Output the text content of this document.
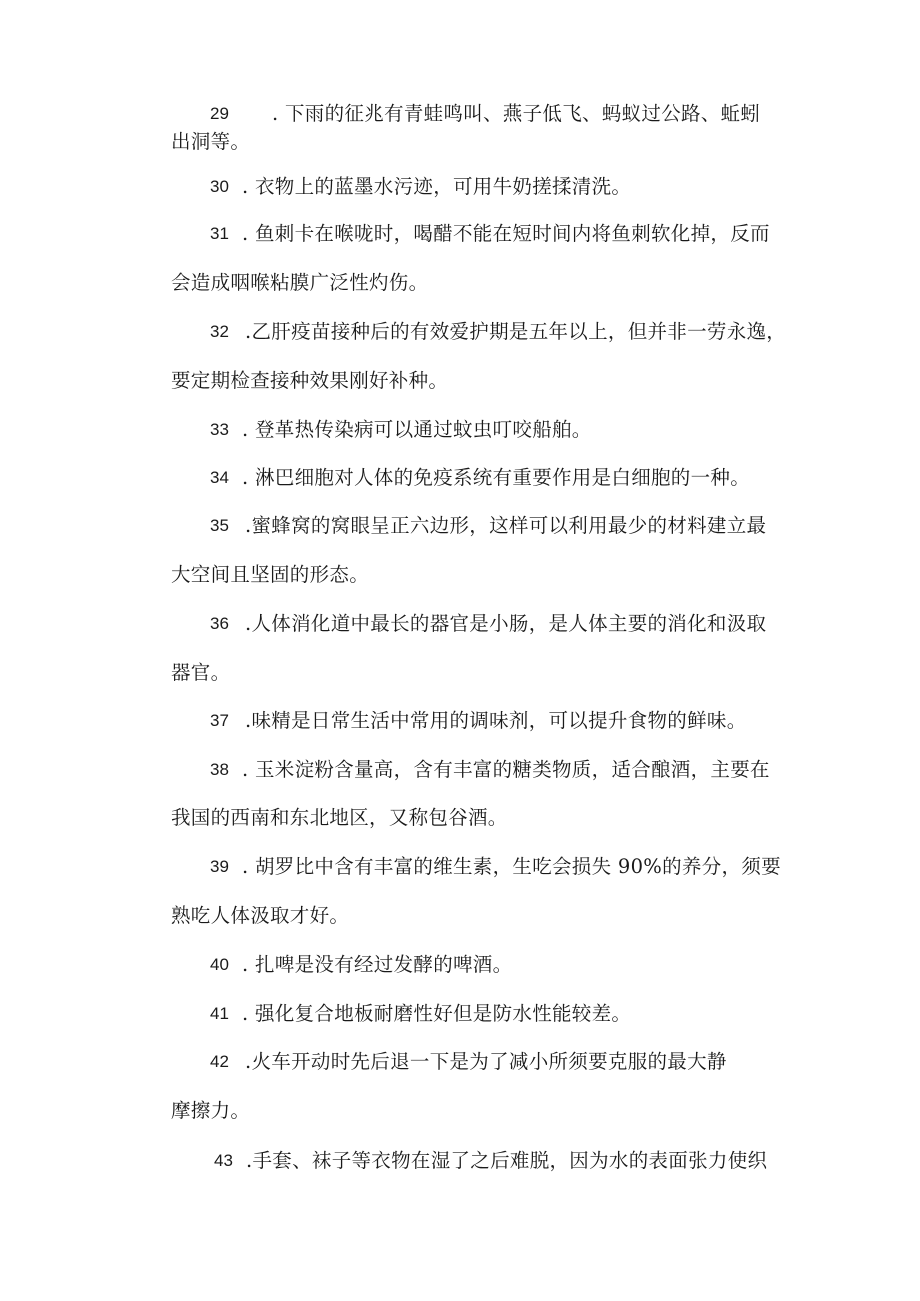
29 . 下雨的征兆有青蛙鸣叫、燕子低飞、蚂蚁过公路、蚯蚓
出洞等。
30 . 衣物上的蓝墨水污迹，可用牛奶搓揉清洗。
31 . 鱼刺卡在喉咙时，喝醋不能在短时间内将鱼刺软化掉，反而
会造成咽喉粘膜广泛性灼伤。
32 .乙肝疫苗接种后的有效爱护期是五年以上，但并非一劳永逸，
要定期检查接种效果刚好补种。
33 . 登革热传染病可以通过蚊虫叮咬船舶。
34 . 淋巴细胞对人体的免疫系统有重要作用是白细胞的一种。
35 .蜜蜂窝的窝眼呈正六边形，这样可以利用最少的材料建立最
大空间且坚固的形态。
36 .人体消化道中最长的器官是小肠，是人体主要的消化和汲取
器官。
37 .味精是日常生活中常用的调味剂，可以提升食物的鲜味。
38 . 玉米淀粉含量高，含有丰富的糖类物质，适合酿酒，主要在
我国的西南和东北地区，又称包谷酒。
39 . 胡罗比中含有丰富的维生素，生吃会损失 90%的养分，须要
熟吃人体汲取才好。
40 . 扎啤是没有经过发酵的啤酒。
41 . 强化复合地板耐磨性好但是防水性能较差。
42 .火车开动时先后退一下是为了减小所须要克服的最大静
摩擦力。
43 .手套、袜子等衣物在湿了之后难脱，因为水的表面张力使织
